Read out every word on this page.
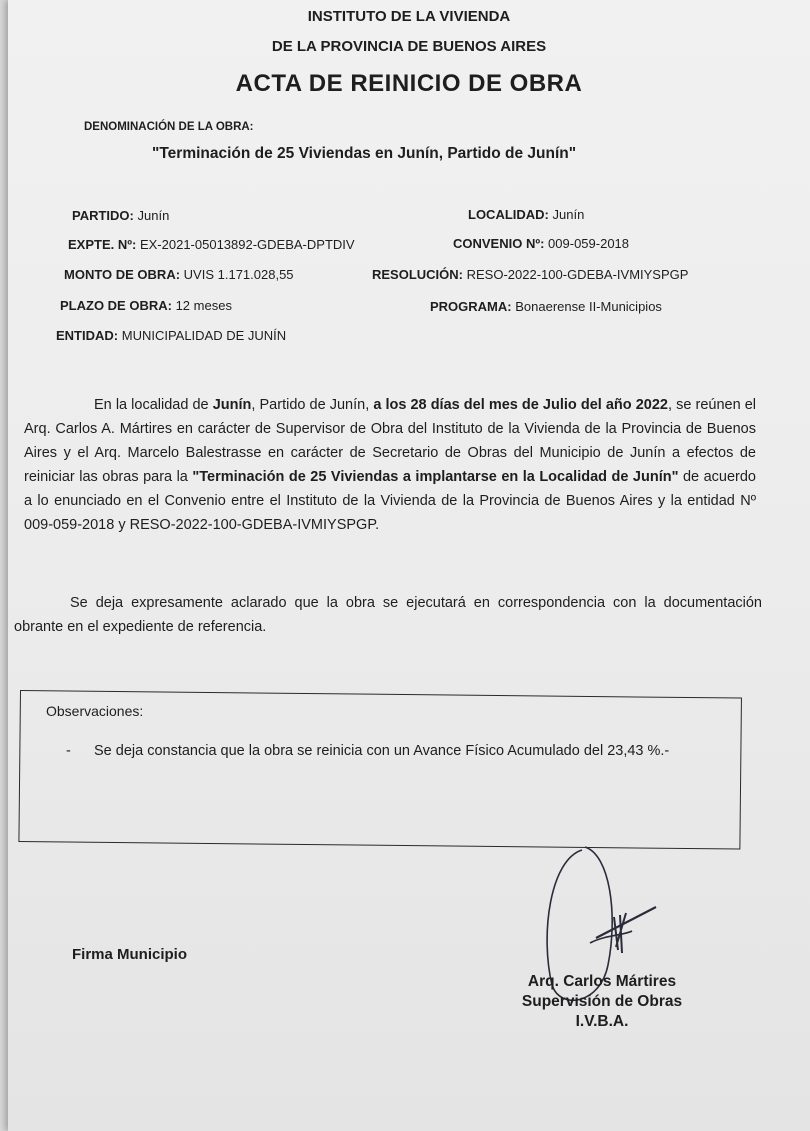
INSTITUTO DE LA VIVIENDA
DE LA PROVINCIA DE BUENOS AIRES
ACTA DE REINICIO DE OBRA
DENOMINACIÓN DE LA OBRA:
"Terminación de 25 Viviendas en Junín, Partido de Junín"
PARTIDO: Junín	LOCALIDAD: Junín
EXPTE. Nº: EX-2021-05013892-GDEBA-DPTDIV	CONVENIO Nº: 009-059-2018
MONTO DE OBRA: UVIS 1.171.028,55	RESOLUCIÓN: RESO-2022-100-GDEBA-IVMIYSPGP
PLAZO DE OBRA: 12 meses	PROGRAMA: Bonaerense II-Municipios
ENTIDAD: MUNICIPALIDAD DE JUNÍN
En la localidad de Junín, Partido de Junín, a los 28 días del mes de Julio del año 2022, se reúnen el Arq. Carlos A. Mártires en carácter de Supervisor de Obra del Instituto de la Vivienda de la Provincia de Buenos Aires y el Arq. Marcelo Balestrasse en carácter de Secretario de Obras del Municipio de Junín a efectos de reiniciar las obras para la "Terminación de 25 Viviendas a implantarse en la Localidad de Junín" de acuerdo a lo enunciado en el Convenio entre el Instituto de la Vivienda de la Provincia de Buenos Aires y la entidad Nº 009-059-2018 y RESO-2022-100-GDEBA-IVMIYSPGP.
Se deja expresamente aclarado que la obra se ejecutará en correspondencia con la documentación obrante en el expediente de referencia.
Observaciones:
- Se deja constancia que la obra se reinicia con un Avance Físico Acumulado del 23,43 %.-
Firma Municipio
Arq. Carlos Mártires
Supervisión de Obras
I.V.B.A.
